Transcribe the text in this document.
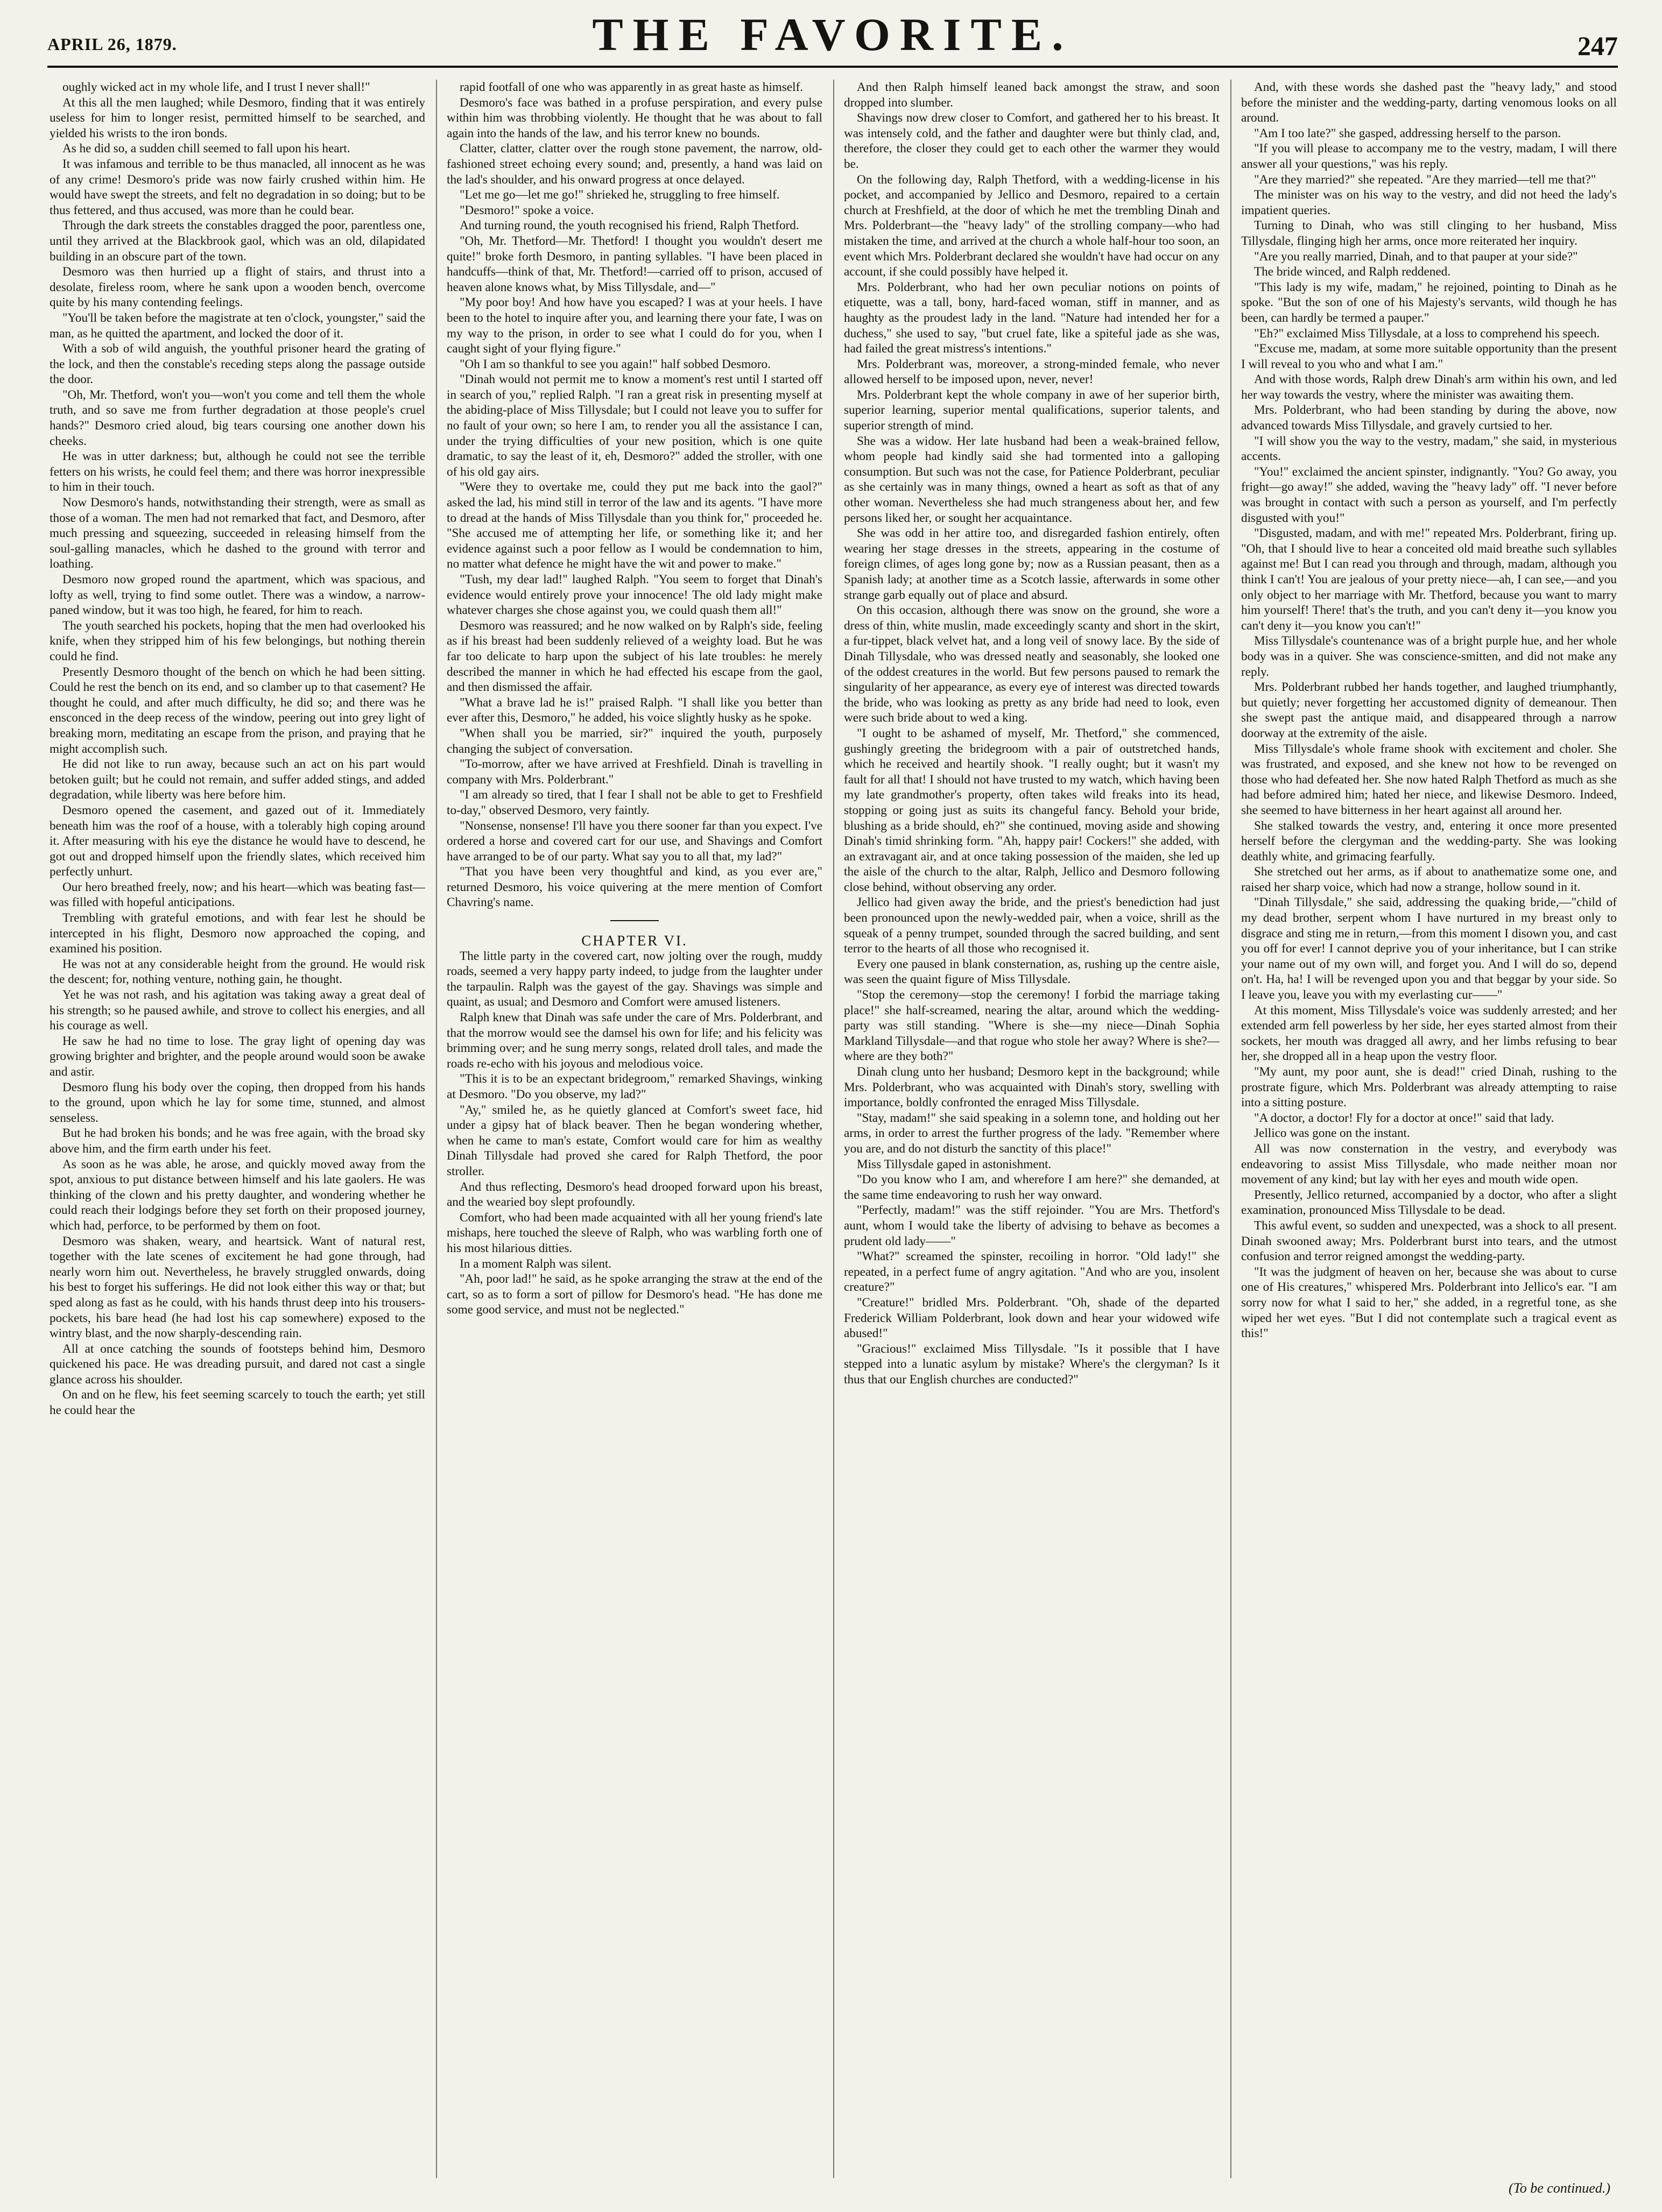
APRIL 26, 1879.	THE FAVORITE.	247

oughly wicked act in my whole life, and I trust I never shall!"

At this all the men laughed; while Desmoro, finding that it was entirely useless for him to longer resist, permitted himself to be searched, and yielded his wrists to the iron bonds.

As he did so, a sudden chill seemed to fall upon his heart.

It was infamous and terrible to be thus manacled, all innocent as he was of any crime! Desmoro's pride was now fairly crushed within him. He would have swept the streets, and felt no degradation in so doing; but to be thus fettered, and thus accused, was more than he could bear.

Through the dark streets the constables dragged the poor, parentless one, until they arrived at the Blackbrook gaol, which was an old, dilapidated building in an obscure part of the town.

Desmoro was then hurried up a flight of stairs, and thrust into a desolate, fireless room, where he sank upon a wooden bench, overcome quite by his many contending feelings.

"You'll be taken before the magistrate at ten o'clock, youngster," said the man, as he quitted the apartment, and locked the door of it.

With a sob of wild anguish, the youthful prisoner heard the grating of the lock, and then the constable's receding steps along the passage outside the door.

"Oh, Mr. Thetford, won't you—won't you come and tell them the whole truth, and so save me from further degradation at those people's cruel hands?" Desmoro cried aloud, big tears coursing one another down his cheeks.

He was in utter darkness; but, although he could not see the terrible fetters on his wrists, he could feel them; and there was horror inexpressible to him in their touch.

Now Desmoro's hands, notwithstanding their strength, were as small as those of a woman. The men had not remarked that fact, and Desmoro, after much pressing and squeezing, succeeded in releasing himself from the soul-galling manacles, which he dashed to the ground with terror and loathing.

Desmoro now groped round the apartment, which was spacious, and lofty as well, trying to find some outlet. There was a window, a narrow-paned window, but it was too high, he feared, for him to reach.

The youth searched his pockets, hoping that the men had overlooked his knife, when they stripped him of his few belongings, but nothing therein could he find.

Presently Desmoro thought of the bench on which he had been sitting. Could he rest the bench on its end, and so clamber up to that casement? He thought he could, and after much difficulty, he did so; and there was he ensconced in the deep recess of the window, peering out into grey light of breaking morn, meditating an escape from the prison, and praying that he might accomplish such.

He did not like to run away, because such an act on his part would betoken guilt; but he could not remain, and suffer added stings, and added degradation, while liberty was here before him.

Desmoro opened the casement, and gazed out of it. Immediately beneath him was the roof of a house, with a tolerably high coping around it. After measuring with his eye the distance he would have to descend, he got out and dropped himself upon the friendly slates, which received him perfectly unhurt.

Our hero breathed freely, now; and his heart—which was beating fast—was filled with hopeful anticipations.

Trembling with grateful emotions, and with fear lest he should be intercepted in his flight, Desmoro now approached the coping, and examined his position.

He was not at any considerable height from the ground. He would risk the descent; for, nothing venture, nothing gain, he thought.

Yet he was not rash, and his agitation was taking away a great deal of his strength; so he paused awhile, and strove to collect his energies, and all his courage as well.

He saw he had no time to lose. The gray light of opening day was growing brighter and brighter, and the people around would soon be awake and astir.

Desmoro flung his body over the coping, then dropped from his hands to the ground, upon which he lay for some time, stunned, and almost senseless.

But he had broken his bonds; and he was free again, with the broad sky above him, and the firm earth under his feet.

As soon as he was able, he arose, and quickly moved away from the spot, anxious to put distance between himself and his late gaolers. He was thinking of the clown and his pretty daughter, and wondering whether he could reach their lodgings before they set forth on their proposed journey, which had, perforce, to be performed by them on foot.

Desmoro was shaken, weary, and heartsick. Want of natural rest, together with the late scenes of excitement he had gone through, had nearly worn him out. Nevertheless, he bravely struggled onwards, doing his best to forget his sufferings. He did not look either this way or that; but sped along as fast as he could, with his hands thrust deep into his trousers-pockets, his bare head (he had lost his cap somewhere) exposed to the wintry blast, and the now sharply-descending rain.

All at once catching the sounds of footsteps behind him, Desmoro quickened his pace. He was dreading pursuit, and dared not cast a single glance across his shoulder.

On and on he flew, his feet seeming scarcely to touch the earth; yet still he could hear the

rapid footfall of one who was apparently in as great haste as himself.

Desmoro's face was bathed in a profuse perspiration, and every pulse within him was throbbing violently. He thought that he was about to fall again into the hands of the law, and his terror knew no bounds.

Clatter, clatter, clatter over the rough stone pavement, the narrow, old-fashioned street echoing every sound; and, presently, a hand was laid on the lad's shoulder, and his onward progress at once delayed.

"Let me go—let me go!" shrieked he, struggling to free himself.

"Desmoro!" spoke a voice.

And turning round, the youth recognised his friend, Ralph Thetford.

"Oh, Mr. Thetford—Mr. Thetford! I thought you wouldn't desert me quite!" broke forth Desmoro, in panting syllables. "I have been placed in handcuffs—think of that, Mr. Thetford!—carried off to prison, accused of heaven alone knows what, by Miss Tillysdale, and—"

"My poor boy! And how have you escaped? I was at your heels. I have been to the hotel to inquire after you, and learning there your fate, I was on my way to the prison, in order to see what I could do for you, when I caught sight of your flying figure."

"Oh I am so thankful to see you again!" half sobbed Desmoro.

"Dinah would not permit me to know a moment's rest until I started off in search of you," replied Ralph. "I ran a great risk in presenting myself at the abiding-place of Miss Tillysdale; but I could not leave you to suffer for no fault of your own; so here I am, to render you all the assistance I can, under the trying difficulties of your new position, which is one quite dramatic, to say the least of it, eh, Desmoro?" added the stroller, with one of his old gay airs.

"Were they to overtake me, could they put me back into the gaol?" asked the lad, his mind still in terror of the law and its agents. "I have more to dread at the hands of Miss Tillysdale than you think for," proceeded he. "She accused me of attempting her life, or something like it; and her evidence against such a poor fellow as I would be condemnation to him, no matter what defence he might have the wit and power to make."

"Tush, my dear lad!" laughed Ralph. "You seem to forget that Dinah's evidence would entirely prove your innocence! The old lady might make whatever charges she chose against you, we could quash them all!"

Desmoro was reassured; and he now walked on by Ralph's side, feeling as if his breast had been suddenly relieved of a weighty load. But he was far too delicate to harp upon the subject of his late troubles: he merely described the manner in which he had effected his escape from the gaol, and then dismissed the affair.

"What a brave lad he is!" praised Ralph. "I shall like you better than ever after this, Desmoro," he added, his voice slightly husky as he spoke.

"When shall you be married, sir?" inquired the youth, purposely changing the subject of conversation.

"To-morrow, after we have arrived at Freshfield. Dinah is travelling in company with Mrs. Polderbrant."

"I am already so tired, that I fear I shall not be able to get to Freshfield to-day," observed Desmoro, very faintly.

"Nonsense, nonsense! I'll have you there sooner far than you expect. I've ordered a horse and covered cart for our use, and Shavings and Comfort have arranged to be of our party. What say you to all that, my lad?"

"That you have been very thoughtful and kind, as you ever are," returned Desmoro, his voice quivering at the mere mention of Comfort Chavring's name.

CHAPTER VI.

The little party in the covered cart, now jolting over the rough, muddy roads, seemed a very happy party indeed, to judge from the laughter under the tarpaulin. Ralph was the gayest of the gay. Shavings was simple and quaint, as usual; and Desmoro and Comfort were amused listeners.

Ralph knew that Dinah was safe under the care of Mrs. Polderbrant, and that the morrow would see the damsel his own for life; and his felicity was brimming over; and he sung merry songs, related droll tales, and made the roads re-echo with his joyous and melodious voice.

"This it is to be an expectant bridegroom," remarked Shavings, winking at Desmoro. "Do you observe, my lad?"

"Ay," smiled he, as he quietly glanced at Comfort's sweet face, hid under a gipsy hat of black beaver. Then he began wondering whether, when he came to man's estate, Comfort would care for him as wealthy Dinah Tillysdale had proved she cared for Ralph Thetford, the poor stroller.

And thus reflecting, Desmoro's head drooped forward upon his breast, and the wearied boy slept profoundly.

Comfort, who had been made acquainted with all her young friend's late mishaps, here touched the sleeve of Ralph, who was warbling forth one of his most hilarious ditties.

In a moment Ralph was silent.

"Ah, poor lad!" he said, as he spoke arranging the straw at the end of the cart, so as to form a sort of pillow for Desmoro's head. "He has done me some good service, and must not be neglected."

And then Ralph himself leaned back amongst the straw, and soon dropped into slumber.

Shavings now drew closer to Comfort, and gathered her to his breast. It was intensely cold, and the father and daughter were but thinly clad, and, therefore, the closer they could get to each other the warmer they would be.

On the following day, Ralph Thetford, with a wedding-license in his pocket, and accompanied by Jellico and Desmoro, repaired to a certain church at Freshfield, at the door of which he met the trembling Dinah and Mrs. Polderbrant—the "heavy lady" of the strolling company—who had mistaken the time, and arrived at the church a whole half-hour too soon, an event which Mrs. Polderbrant declared she wouldn't have had occur on any account, if she could possibly have helped it.

Mrs. Polderbrant, who had her own peculiar notions on points of etiquette, was a tall, bony, hard-faced woman, stiff in manner, and as haughty as the proudest lady in the land. "Nature had intended her for a duchess," she used to say, "but cruel fate, like a spiteful jade as she was, had failed the great mistress's intentions."

Mrs. Polderbrant was, moreover, a strong-minded female, who never allowed herself to be imposed upon, never, never!

Mrs. Polderbrant kept the whole company in awe of her superior birth, superior learning, superior mental qualifications, superior talents, and superior strength of mind.

She was a widow. Her late husband had been a weak-brained fellow, whom people had kindly said she had tormented into a galloping consumption. But such was not the case, for Patience Polderbrant, peculiar as she certainly was in many things, owned a heart as soft as that of any other woman. Nevertheless she had much strangeness about her, and few persons liked her, or sought her acquaintance.

She was odd in her attire too, and disregarded fashion entirely, often wearing her stage dresses in the streets, appearing in the costume of foreign climes, of ages long gone by; now as a Russian peasant, then as a Spanish lady; at another time as a Scotch lassie, afterwards in some other strange garb equally out of place and absurd.

On this occasion, although there was snow on the ground, she wore a dress of thin, white muslin, made exceedingly scanty and short in the skirt, a fur-tippet, black velvet hat, and a long veil of snowy lace. By the side of Dinah Tillysdale, who was dressed neatly and seasonably, she looked one of the oddest creatures in the world. But few persons paused to remark the singularity of her appearance, as every eye of interest was directed towards the bride, who was looking as pretty as any bride had need to look, even were such bride about to wed a king.

"I ought to be ashamed of myself, Mr. Thetford," she commenced, gushingly greeting the bridegroom with a pair of outstretched hands, which he received and heartily shook. "I really ought; but it wasn't my fault for all that! I should not have trusted to my watch, which having been my late grandmother's property, often takes wild freaks into its head, stopping or going just as suits its changeful fancy. Behold your bride, blushing as a bride should, eh?" she continued, moving aside and showing Dinah's timid shrinking form. "Ah, happy pair! Cockers!" she added, with an extravagant air, and at once taking possession of the maiden, she led up the aisle of the church to the altar, Ralph, Jellico and Desmoro following close behind, without observing any order.

Jellico had given away the bride, and the priest's benediction had just been pronounced upon the newly-wedded pair, when a voice, shrill as the squeak of a penny trumpet, sounded through the sacred building, and sent terror to the hearts of all those who recognised it.

Every one paused in blank consternation, as, rushing up the centre aisle, was seen the quaint figure of Miss Tillysdale.

"Stop the ceremony—stop the ceremony! I forbid the marriage taking place!" she half-screamed, nearing the altar, around which the wedding-party was still standing. "Where is she—my niece—Dinah Sophia Markland Tillysdale—and that rogue who stole her away? Where is she?—where are they both?"

Dinah clung unto her husband; Desmoro kept in the background; while Mrs. Polderbrant, who was acquainted with Dinah's story, swelling with importance, boldly confronted the enraged Miss Tillysdale.

"Stay, madam!" she said speaking in a solemn tone, and holding out her arms, in order to arrest the further progress of the lady. "Remember where you are, and do not disturb the sanctity of this place!"

Miss Tillysdale gaped in astonishment.

"Do you know who I am, and wherefore I am here?" she demanded, at the same time endeavoring to rush her way onward.

"Perfectly, madam!" was the stiff rejoinder. "You are Mrs. Thetford's aunt, whom I would take the liberty of advising to behave as becomes a prudent old lady——"

"What?" screamed the spinster, recoiling in horror. "Old lady!" she repeated, in a perfect fume of angry agitation. "And who are you, insolent creature?"

"Creature!" bridled Mrs. Polderbrant. "Oh, shade of the departed Frederick William Polderbrant, look down and hear your widowed wife abused!"

"Gracious!" exclaimed Miss Tillysdale. "Is it possible that I have stepped into a lunatic asylum by mistake? Where's the clergyman? Is it thus that our English churches are conducted?"

And, with these words she dashed past the "heavy lady," and stood before the minister and the wedding-party, darting venomous looks on all around.

"Am I too late?" she gasped, addressing herself to the parson.

"If you will please to accompany me to the vestry, madam, I will there answer all your questions," was his reply.

"Are they married?" she repeated. "Are they married—tell me that?"

The minister was on his way to the vestry, and did not heed the lady's impatient queries.

Turning to Dinah, who was still clinging to her husband, Miss Tillysdale, flinging high her arms, once more reiterated her inquiry.

"Are you really married, Dinah, and to that pauper at your side?"

The bride winced, and Ralph reddened.

"This lady is my wife, madam," he rejoined, pointing to Dinah as he spoke. "But the son of one of his Majesty's servants, wild though he has been, can hardly be termed a pauper."

"Eh?" exclaimed Miss Tillysdale, at a loss to comprehend his speech.

"Excuse me, madam, at some more suitable opportunity than the present I will reveal to you who and what I am."

And with those words, Ralph drew Dinah's arm within his own, and led her way towards the vestry, where the minister was awaiting them.

Mrs. Polderbrant, who had been standing by during the above, now advanced towards Miss Tillysdale, and gravely curtsied to her.

"I will show you the way to the vestry, madam," she said, in mysterious accents.

"You!" exclaimed the ancient spinster, indignantly. "You? Go away, you fright—go away!" she added, waving the "heavy lady" off. "I never before was brought in contact with such a person as yourself, and I'm perfectly disgusted with you!"

"Disgusted, madam, and with me!" repeated Mrs. Polderbrant, firing up. "Oh, that I should live to hear a conceited old maid breathe such syllables against me! But I can read you through and through, madam, although you think I can't! You are jealous of your pretty niece—ah, I can see,—and you only object to her marriage with Mr. Thetford, because you want to marry him yourself! There! that's the truth, and you can't deny it—you know you can't deny it—you know you can't!"

Miss Tillysdale's countenance was of a bright purple hue, and her whole body was in a quiver. She was conscience-smitten, and did not make any reply.

Mrs. Polderbrant rubbed her hands together, and laughed triumphantly, but quietly; never forgetting her accustomed dignity of demeanour. Then she swept past the antique maid, and disappeared through a narrow doorway at the extremity of the aisle.

Miss Tillysdale's whole frame shook with excitement and choler. She was frustrated, and exposed, and she knew not how to be revenged on those who had defeated her. She now hated Ralph Thetford as much as she had before admired him; hated her niece, and likewise Desmoro. Indeed, she seemed to have bitterness in her heart against all around her.

She stalked towards the vestry, and, entering it once more presented herself before the clergyman and the wedding-party. She was looking deathly white, and grimacing fearfully.

She stretched out her arms, as if about to anathematize some one, and raised her sharp voice, which had now a strange, hollow sound in it.

"Dinah Tillysdale," she said, addressing the quaking bride,—"child of my dead brother, serpent whom I have nurtured in my breast only to disgrace and sting me in return,—from this moment I disown you, and cast you off for ever! I cannot deprive you of your inheritance, but I can strike your name out of my own will, and forget you. And I will do so, depend on't. Ha, ha! I will be revenged upon you and that beggar by your side. So I leave you, leave you with my everlasting cur——"

At this moment, Miss Tillysdale's voice was suddenly arrested; and her extended arm fell powerless by her side, her eyes started almost from their sockets, her mouth was dragged all awry, and her limbs refusing to bear her, she dropped all in a heap upon the vestry floor.

"My aunt, my poor aunt, she is dead!" cried Dinah, rushing to the prostrate figure, which Mrs. Polderbrant was already attempting to raise into a sitting posture.

"A doctor, a doctor! Fly for a doctor at once!" said that lady.

Jellico was gone on the instant.

All was now consternation in the vestry, and everybody was endeavoring to assist Miss Tillysdale, who made neither moan nor movement of any kind; but lay with her eyes and mouth wide open.

Presently, Jellico returned, accompanied by a doctor, who after a slight examination, pronounced Miss Tillysdale to be dead.

This awful event, so sudden and unexpected, was a shock to all present. Dinah swooned away; Mrs. Polderbrant burst into tears, and the utmost confusion and terror reigned amongst the wedding-party.

"It was the judgment of heaven on her, because she was about to curse one of His creatures," whispered Mrs. Polderbrant into Jellico's ear. "I am sorry now for what I said to her," she added, in a regretful tone, as she wiped her wet eyes. "But I did not contemplate such a tragical event as this!"

(To be continued.)
